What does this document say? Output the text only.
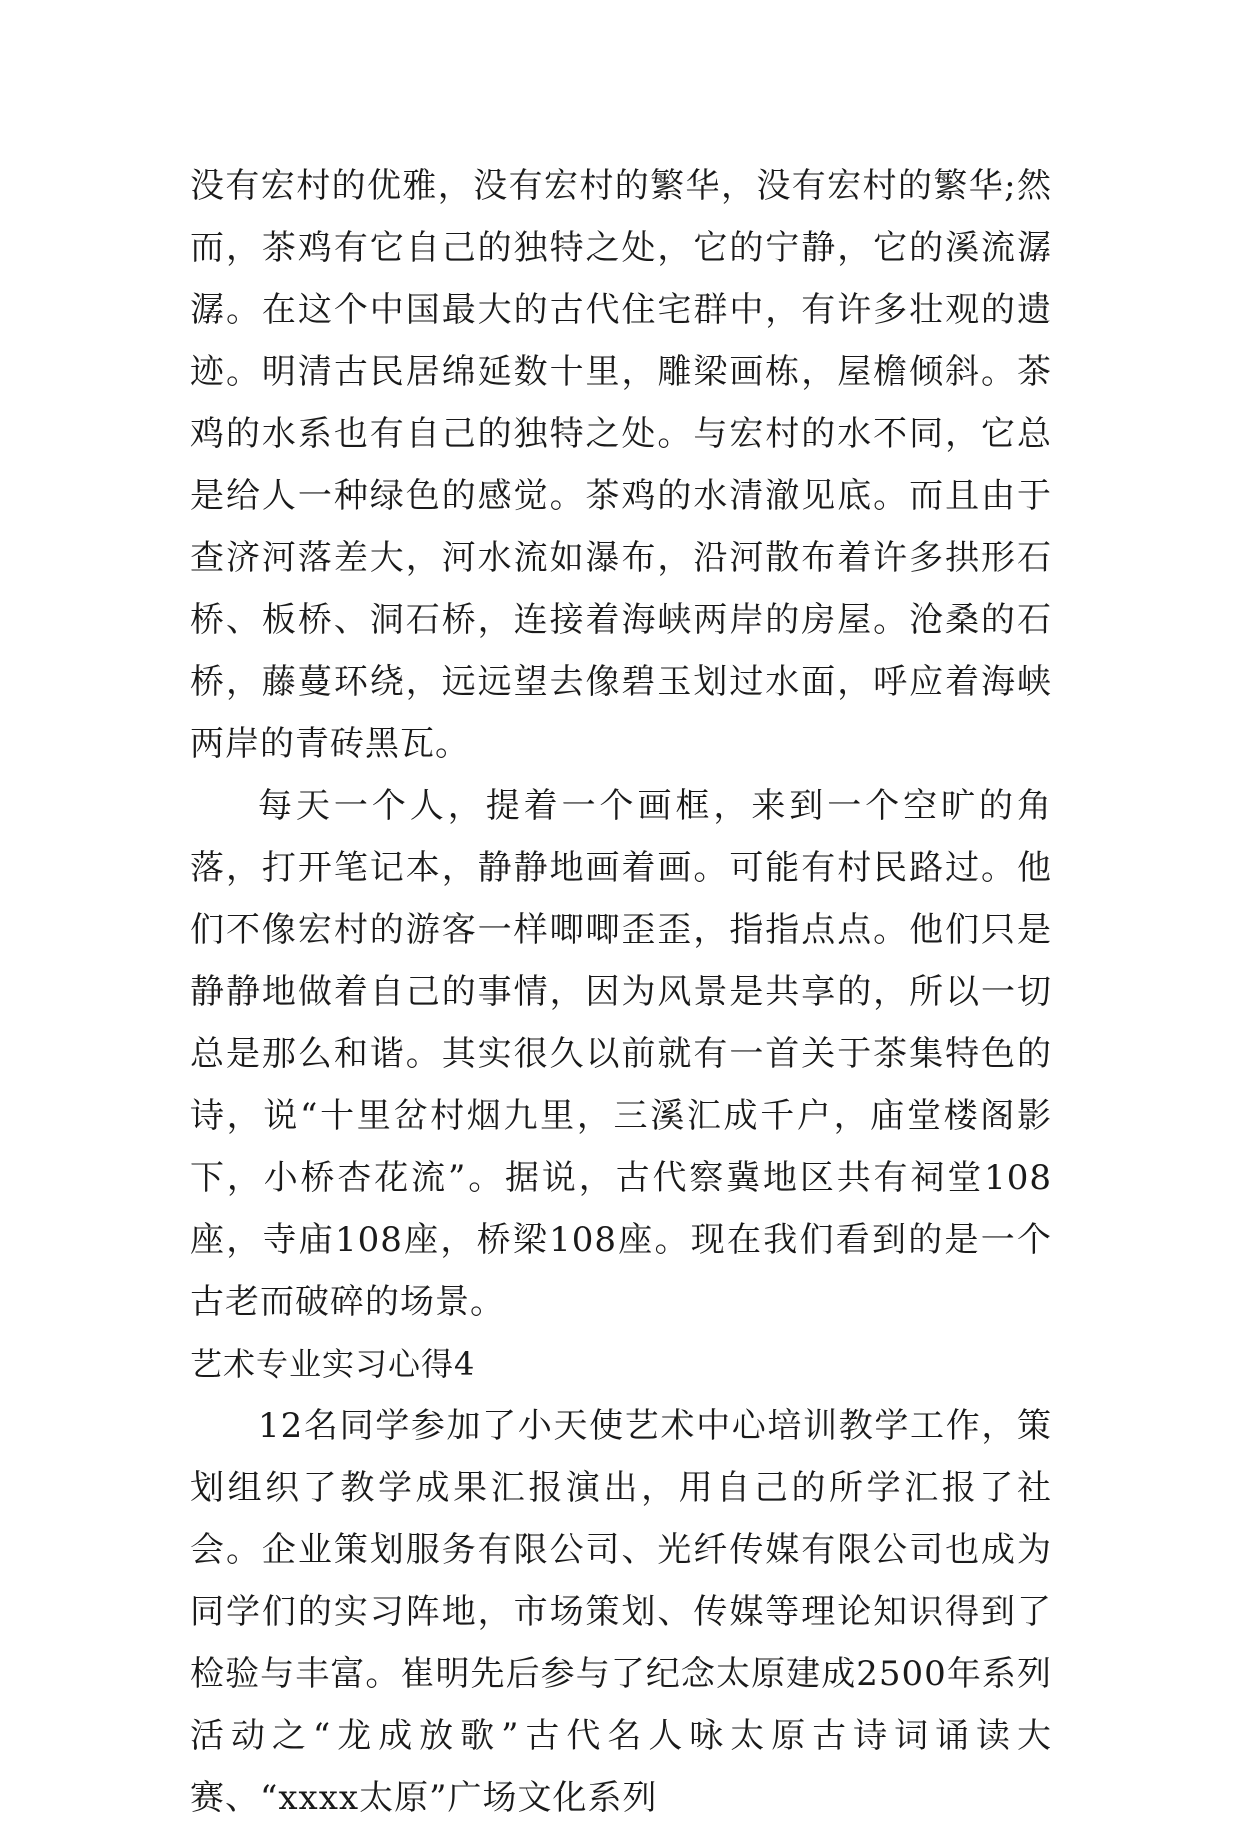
没有宏村的优雅，没有宏村的繁华，没有宏村的繁华;然而，茶鸡有它自己的独特之处，它的宁静，它的溪流潺潺。在这个中国最大的古代住宅群中，有许多壮观的遗迹。明清古民居绵延数十里，雕梁画栋，屋檐倾斜。茶鸡的水系也有自己的独特之处。与宏村的水不同，它总是给人一种绿色的感觉。茶鸡的水清澈见底。而且由于查济河落差大，河水流如瀑布，沿河散布着许多拱形石桥、板桥、洞石桥，连接着海峡两岸的房屋。沧桑的石桥，藤蔓环绕，远远望去像碧玉划过水面，呼应着海峡两岸的青砖黑瓦。

每天一个人，提着一个画框，来到一个空旷的角落，打开笔记本，静静地画着画。可能有村民路过。他们不像宏村的游客一样唧唧歪歪，指指点点。他们只是静静地做着自己的事情，因为风景是共享的，所以一切总是那么和谐。其实很久以前就有一首关于茶集特色的诗，说“十里岔村烟九里，三溪汇成千户，庙堂楼阁影下，小桥杏花流”。据说，古代察冀地区共有祠堂108座，寺庙108座，桥梁108座。现在我们看到的是一个古老而破碎的场景。

艺术专业实习心得4

12名同学参加了小天使艺术中心培训教学工作，策划组织了教学成果汇报演出，用自己的所学汇报了社会。企业策划服务有限公司、光纤传媒有限公司也成为同学们的实习阵地，市场策划、传媒等理论知识得到了检验与丰富。崔明先后参与了纪念太原建成2500年系列活动之“龙成放歌”古代名人咏太原古诗词诵读大赛、“xxxx太原”广场文化系列
